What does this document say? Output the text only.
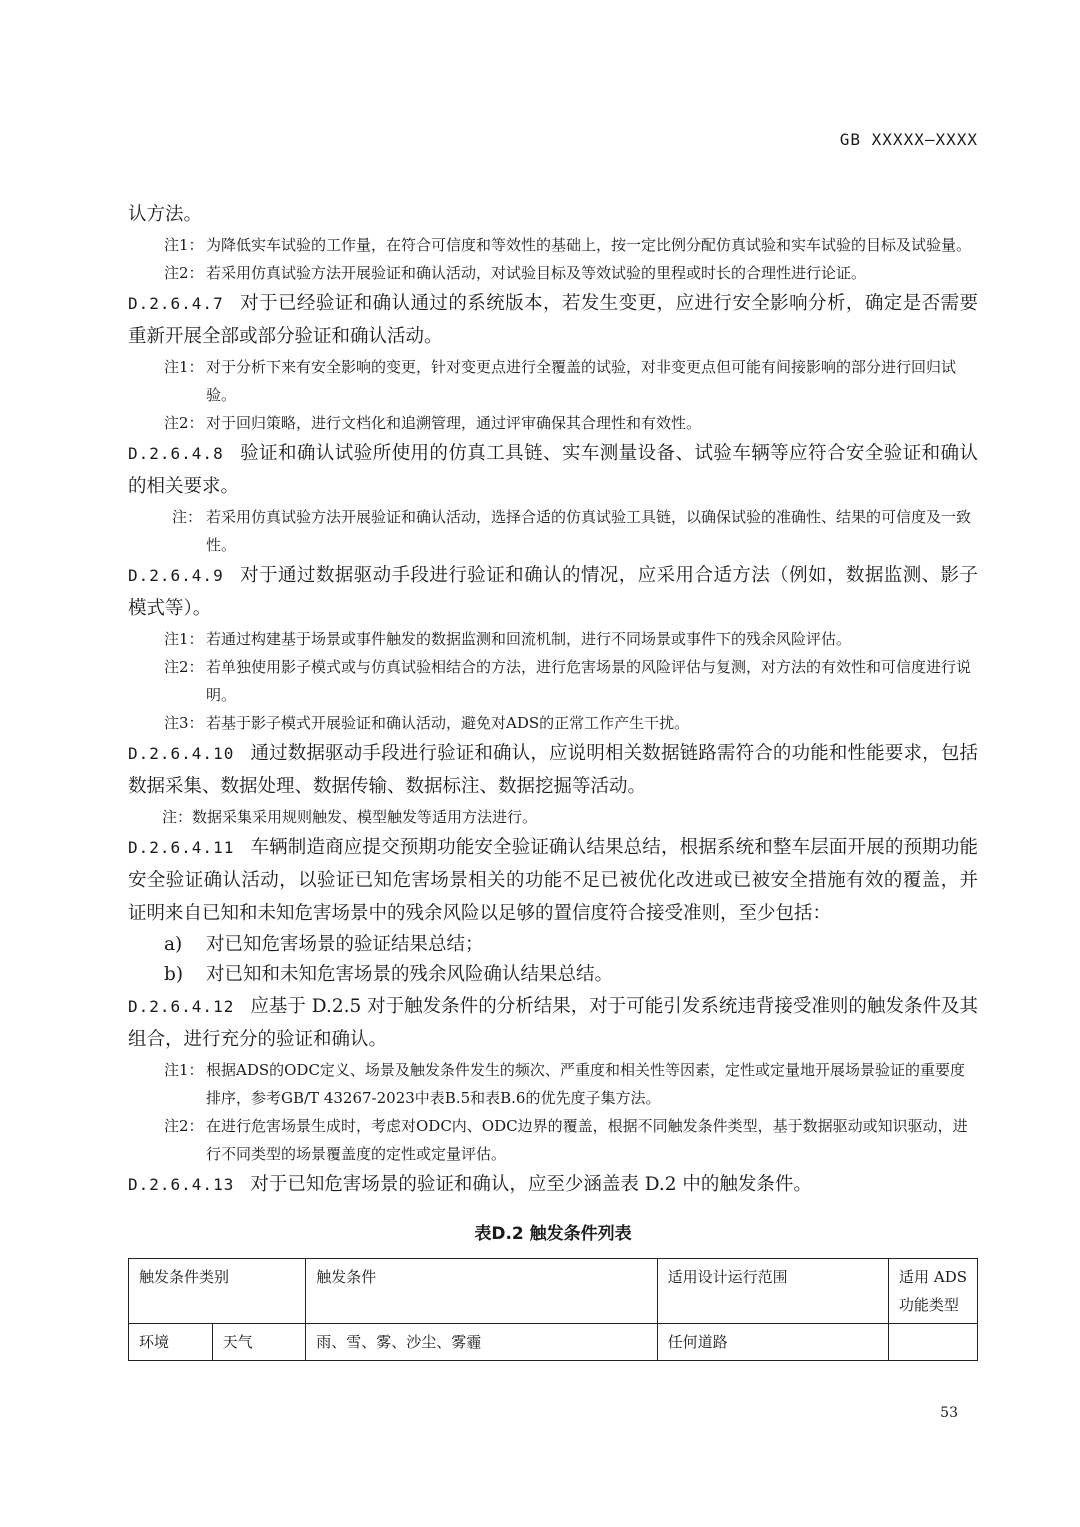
GB XXXXX—XXXX

认方法。

注1： 为降低实车试验的工作量，在符合可信度和等效性的基础上，按一定比例分配仿真试验和实车试验的目标及试验量。

注2： 若采用仿真试验方法开展验证和确认活动，对试验目标及等效试验的里程或时长的合理性进行论证。

D.2.6.4.7 对于已经验证和确认通过的系统版本，若发生变更，应进行安全影响分析，确定是否需要重新开展全部或部分验证和确认活动。

注1： 对于分析下来有安全影响的变更，针对变更点进行全覆盖的试验，对非变更点但可能有间接影响的部分进行回归试验。

注2： 对于回归策略，进行文档化和追溯管理，通过评审确保其合理性和有效性。

D.2.6.4.8 验证和确认试验所使用的仿真工具链、实车测量设备、试验车辆等应符合安全验证和确认的相关要求。

注： 若采用仿真试验方法开展验证和确认活动，选择合适的仿真试验工具链，以确保试验的准确性、结果的可信度及一致性。

D.2.6.4.9 对于通过数据驱动手段进行验证和确认的情况，应采用合适方法（例如，数据监测、影子模式等）。

注1： 若通过构建基于场景或事件触发的数据监测和回流机制，进行不同场景或事件下的残余风险评估。

注2： 若单独使用影子模式或与仿真试验相结合的方法，进行危害场景的风险评估与复测，对方法的有效性和可信度进行说明。

注3： 若基于影子模式开展验证和确认活动，避免对ADS的正常工作产生干扰。

D.2.6.4.10 通过数据驱动手段进行验证和确认，应说明相关数据链路需符合的功能和性能要求，包括数据采集、数据处理、数据传输、数据标注、数据挖掘等活动。

注：数据采集采用规则触发、模型触发等适用方法进行。

D.2.6.4.11 车辆制造商应提交预期功能安全验证确认结果总结，根据系统和整车层面开展的预期功能安全验证确认活动，以验证已知危害场景相关的功能不足已被优化改进或已被安全措施有效的覆盖，并证明来自已知和未知危害场景中的残余风险以足够的置信度符合接受准则，至少包括：

a) 对已知危害场景的验证结果总结；

b) 对已知和未知危害场景的残余风险确认结果总结。

D.2.6.4.12 应基于 D.2.5 对于触发条件的分析结果，对于可能引发系统违背接受准则的触发条件及其组合，进行充分的验证和确认。

注1： 根据ADS的ODC定义、场景及触发条件发生的频次、严重度和相关性等因素，定性或定量地开展场景验证的重要度排序，参考GB/T 43267-2023中表B.5和表B.6的优先度子集方法。

注2： 在进行危害场景生成时，考虑对ODC内、ODC边界的覆盖，根据不同触发条件类型，基于数据驱动或知识驱动，进行不同类型的场景覆盖度的定性或定量评估。

D.2.6.4.13 对于已知危害场景的验证和确认，应至少涵盖表 D.2 中的触发条件。

表D.2 触发条件列表
触发条件类别		触发条件	适用设计运行范围	适用 ADS 功能类型
环境	天气	雨、雪、雾、沙尘、雾霾	任何道路	
53
